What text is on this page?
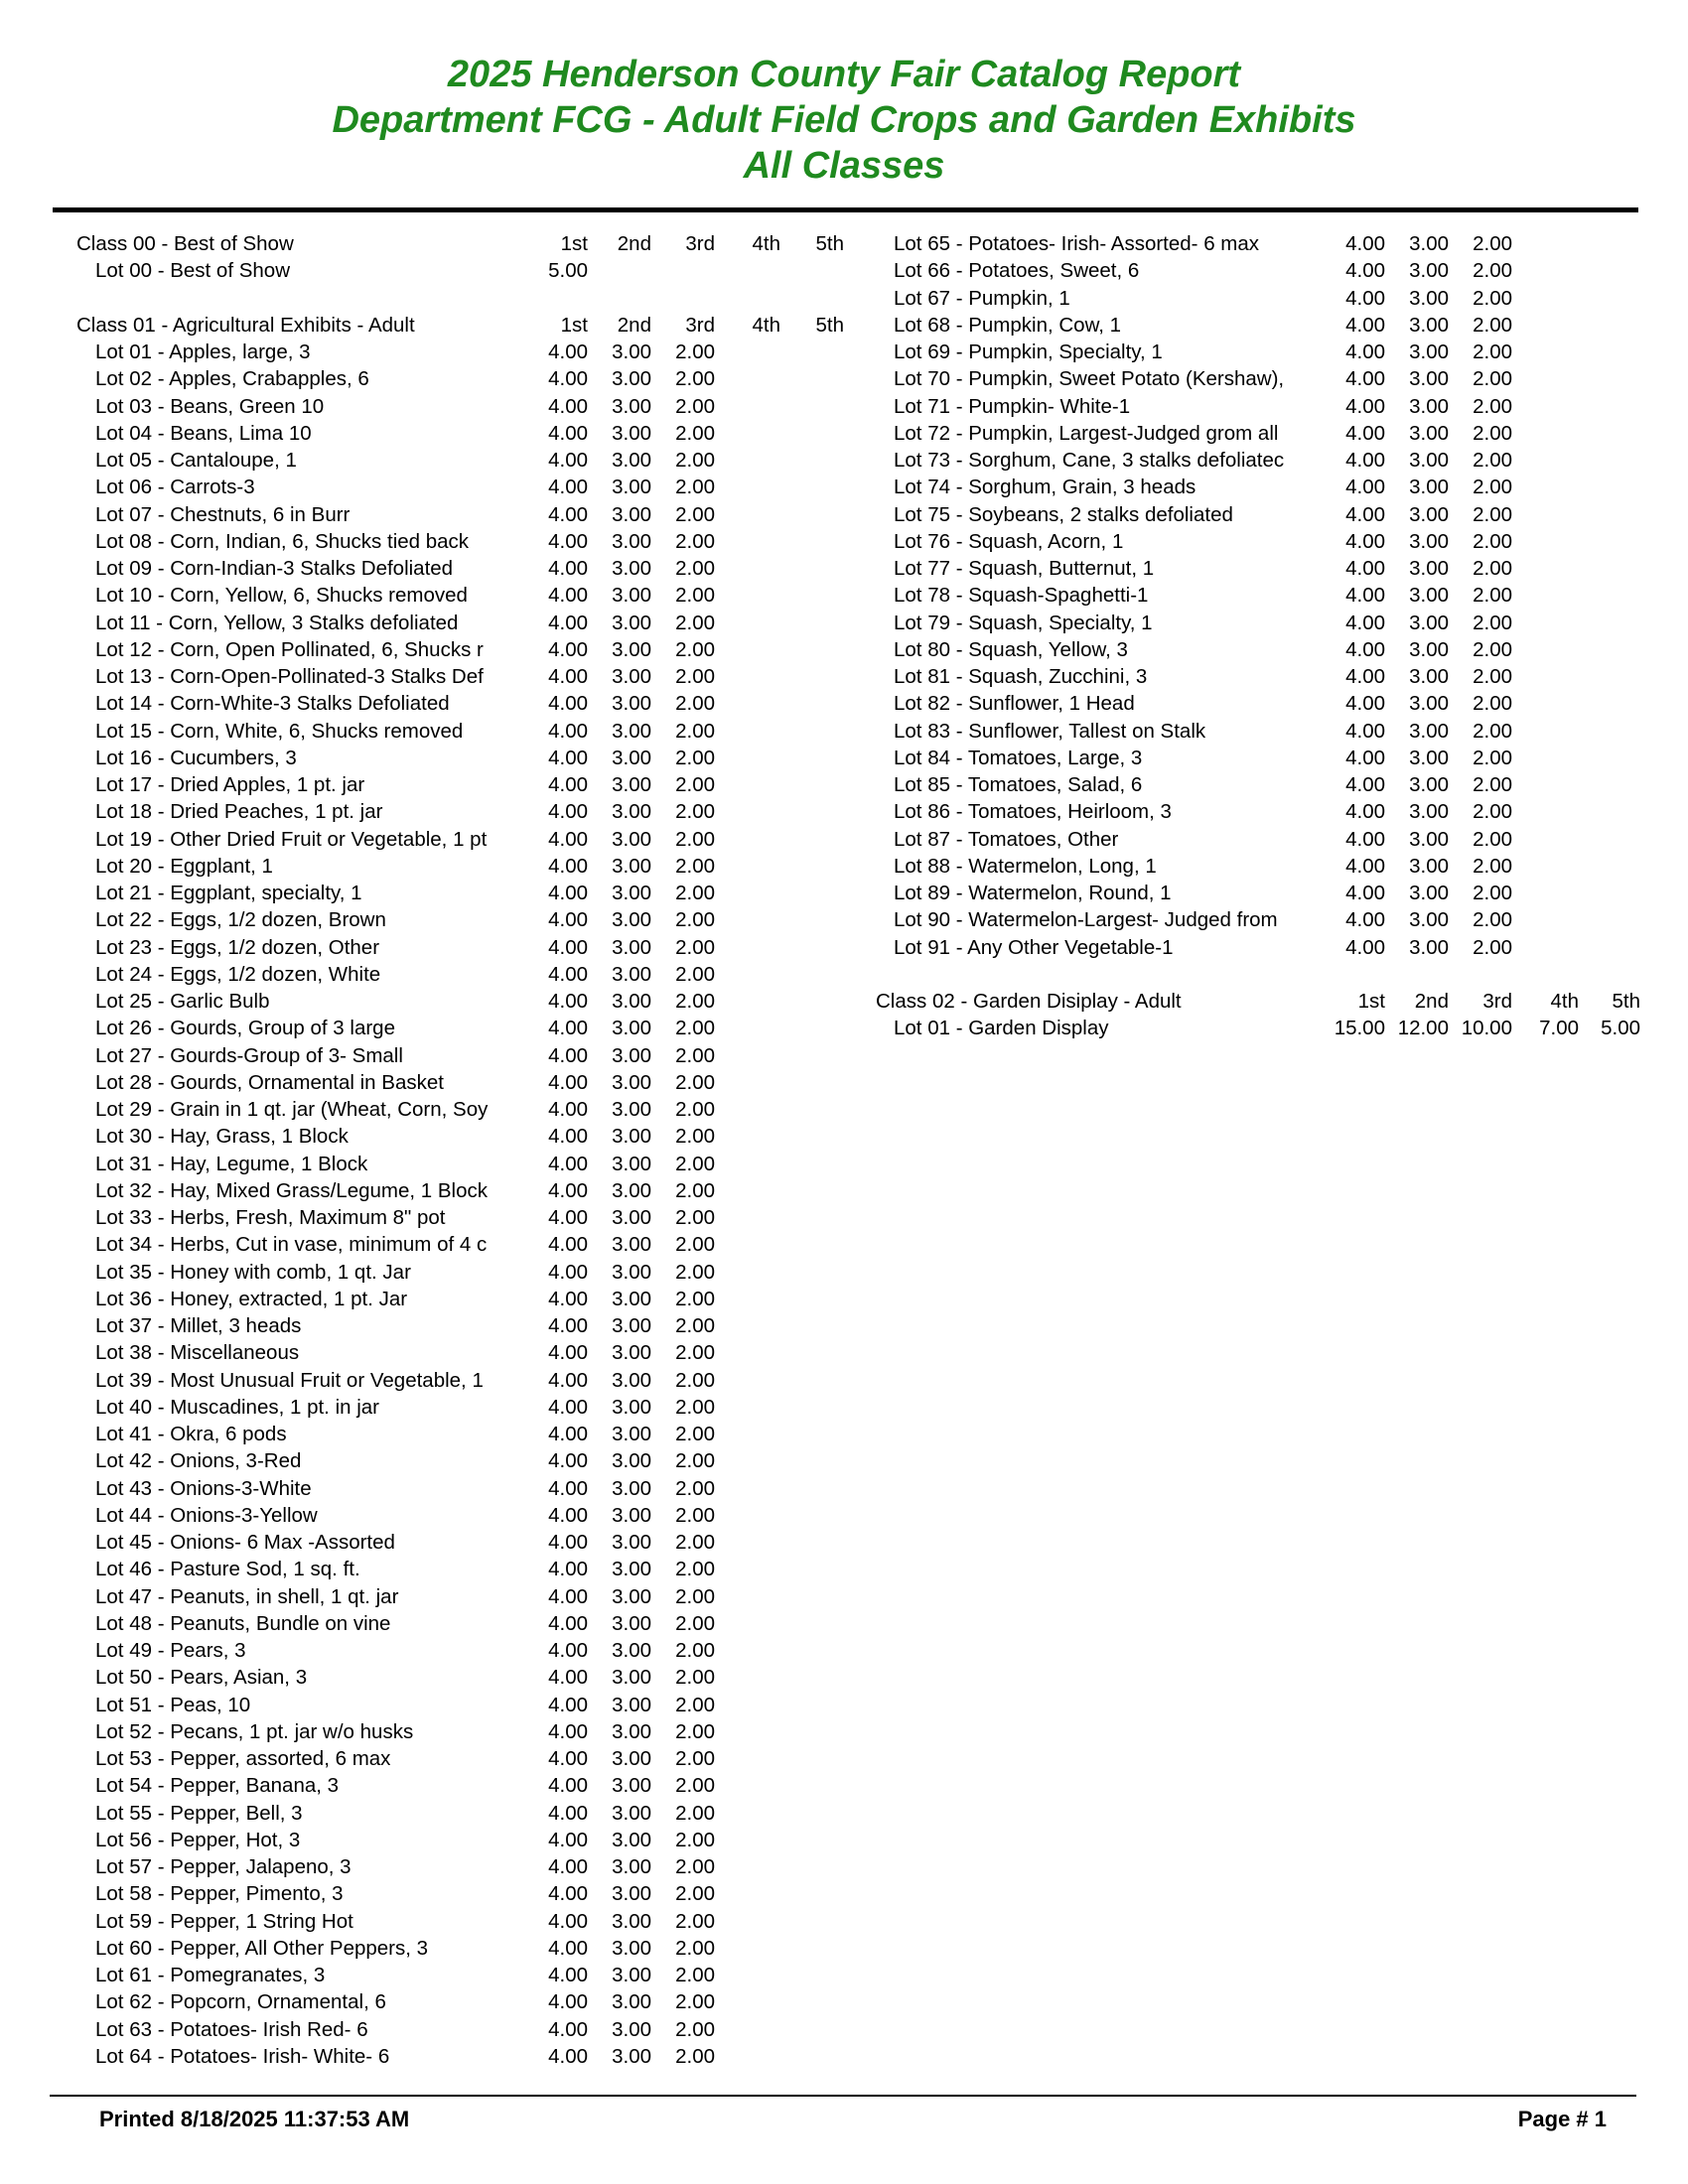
2025 Henderson County Fair Catalog Report
Department FCG - Adult Field Crops and Garden Exhibits
All Classes
Class 00 - Best of Show	1st 2nd 3rd 4th 5th
Lot 00 - Best of Show	5.00
Class 01 - Agricultural Exhibits - Adult	1st 2nd 3rd 4th 5th
Lot 01 - Apples, large, 3	4.00 3.00 2.00
Lot 02 - Apples, Crabapples, 6	4.00 3.00 2.00
Lot 03 - Beans, Green 10	4.00 3.00 2.00
Lot 04 - Beans, Lima 10	4.00 3.00 2.00
Lot 05 - Cantaloupe, 1	4.00 3.00 2.00
Lot 06 - Carrots-3	4.00 3.00 2.00
Lot 07 - Chestnuts, 6 in Burr	4.00 3.00 2.00
Lot 08 - Corn, Indian, 6, Shucks tied back	4.00 3.00 2.00
Lot 09 - Corn-Indian-3 Stalks Defoliated	4.00 3.00 2.00
Lot 10 - Corn, Yellow, 6, Shucks removed	4.00 3.00 2.00
Lot 11 - Corn, Yellow, 3 Stalks defoliated	4.00 3.00 2.00
Lot 12 - Corn, Open Pollinated, 6, Shucks r	4.00 3.00 2.00
Lot 13 - Corn-Open-Pollinated-3 Stalks Def	4.00 3.00 2.00
Lot 14 - Corn-White-3 Stalks Defoliated	4.00 3.00 2.00
Lot 15 - Corn, White, 6, Shucks removed	4.00 3.00 2.00
Lot 16 - Cucumbers, 3	4.00 3.00 2.00
Lot 17 - Dried Apples, 1 pt. jar	4.00 3.00 2.00
Lot 18 - Dried Peaches, 1 pt. jar	4.00 3.00 2.00
Lot 19 - Other Dried Fruit or Vegetable, 1 pt	4.00 3.00 2.00
Lot 20 - Eggplant, 1	4.00 3.00 2.00
Lot 21 - Eggplant, specialty, 1	4.00 3.00 2.00
Lot 22 - Eggs, 1/2 dozen, Brown	4.00 3.00 2.00
Lot 23 - Eggs, 1/2 dozen, Other	4.00 3.00 2.00
Lot 24 - Eggs, 1/2 dozen, White	4.00 3.00 2.00
Lot 25 - Garlic Bulb	4.00 3.00 2.00
Lot 26 - Gourds, Group of 3 large	4.00 3.00 2.00
Lot 27 - Gourds-Group of 3- Small	4.00 3.00 2.00
Lot 28 - Gourds, Ornamental in Basket	4.00 3.00 2.00
Lot 29 - Grain in 1 qt. jar (Wheat, Corn, Soy	4.00 3.00 2.00
Lot 30 - Hay, Grass, 1 Block	4.00 3.00 2.00
Lot 31 - Hay, Legume, 1 Block	4.00 3.00 2.00
Lot 32 - Hay, Mixed Grass/Legume, 1 Block	4.00 3.00 2.00
Lot 33 - Herbs, Fresh, Maximum 8" pot	4.00 3.00 2.00
Lot 34 - Herbs, Cut in vase, minimum of 4 c	4.00 3.00 2.00
Lot 35 - Honey with comb, 1 qt. Jar	4.00 3.00 2.00
Lot 36 - Honey, extracted, 1 pt. Jar	4.00 3.00 2.00
Lot 37 - Millet, 3 heads	4.00 3.00 2.00
Lot 38 - Miscellaneous	4.00 3.00 2.00
Lot 39 - Most Unusual Fruit or Vegetable, 1	4.00 3.00 2.00
Lot 40 - Muscadines, 1 pt. in jar	4.00 3.00 2.00
Lot 41 - Okra, 6 pods	4.00 3.00 2.00
Lot 42 - Onions, 3-Red	4.00 3.00 2.00
Lot 43 - Onions-3-White	4.00 3.00 2.00
Lot 44 - Onions-3-Yellow	4.00 3.00 2.00
Lot 45 - Onions- 6 Max -Assorted	4.00 3.00 2.00
Lot 46 - Pasture Sod, 1 sq. ft.	4.00 3.00 2.00
Lot 47 - Peanuts, in shell, 1 qt. jar	4.00 3.00 2.00
Lot 48 - Peanuts, Bundle on vine	4.00 3.00 2.00
Lot 49 - Pears, 3	4.00 3.00 2.00
Lot 50 - Pears, Asian, 3	4.00 3.00 2.00
Lot 51 - Peas, 10	4.00 3.00 2.00
Lot 52 - Pecans, 1 pt. jar w/o husks	4.00 3.00 2.00
Lot 53 - Pepper, assorted, 6 max	4.00 3.00 2.00
Lot 54 - Pepper, Banana, 3	4.00 3.00 2.00
Lot 55 - Pepper, Bell, 3	4.00 3.00 2.00
Lot 56 - Pepper, Hot, 3	4.00 3.00 2.00
Lot 57 - Pepper, Jalapeno, 3	4.00 3.00 2.00
Lot 58 - Pepper, Pimento, 3	4.00 3.00 2.00
Lot 59 - Pepper, 1 String Hot	4.00 3.00 2.00
Lot 60 - Pepper, All Other Peppers, 3	4.00 3.00 2.00
Lot 61 - Pomegranates, 3	4.00 3.00 2.00
Lot 62 - Popcorn, Ornamental, 6	4.00 3.00 2.00
Lot 63 - Potatoes- Irish Red- 6	4.00 3.00 2.00
Lot 64 - Potatoes- Irish- White- 6	4.00 3.00 2.00
Lot 65 - Potatoes- Irish- Assorted- 6 max	4.00 3.00 2.00
Lot 66 - Potatoes, Sweet, 6	4.00 3.00 2.00
Lot 67 - Pumpkin, 1	4.00 3.00 2.00
Lot 68 - Pumpkin, Cow, 1	4.00 3.00 2.00
Lot 69 - Pumpkin, Specialty, 1	4.00 3.00 2.00
Lot 70 - Pumpkin, Sweet Potato (Kershaw),	4.00 3.00 2.00
Lot 71 - Pumpkin- White-1	4.00 3.00 2.00
Lot 72 - Pumpkin, Largest-Judged grom all	4.00 3.00 2.00
Lot 73 - Sorghum, Cane, 3 stalks defoliatec	4.00 3.00 2.00
Lot 74 - Sorghum, Grain, 3 heads	4.00 3.00 2.00
Lot 75 - Soybeans, 2 stalks defoliated	4.00 3.00 2.00
Lot 76 - Squash, Acorn, 1	4.00 3.00 2.00
Lot 77 - Squash, Butternut, 1	4.00 3.00 2.00
Lot 78 - Squash-Spaghetti-1	4.00 3.00 2.00
Lot 79 - Squash, Specialty, 1	4.00 3.00 2.00
Lot 80 - Squash, Yellow, 3	4.00 3.00 2.00
Lot 81 - Squash, Zucchini, 3	4.00 3.00 2.00
Lot 82 - Sunflower, 1 Head	4.00 3.00 2.00
Lot 83 - Sunflower, Tallest on Stalk	4.00 3.00 2.00
Lot 84 - Tomatoes, Large, 3	4.00 3.00 2.00
Lot 85 - Tomatoes, Salad, 6	4.00 3.00 2.00
Lot 86 - Tomatoes, Heirloom, 3	4.00 3.00 2.00
Lot 87 - Tomatoes, Other	4.00 3.00 2.00
Lot 88 - Watermelon, Long, 1	4.00 3.00 2.00
Lot 89 - Watermelon, Round, 1	4.00 3.00 2.00
Lot 90 - Watermelon-Largest- Judged from	4.00 3.00 2.00
Lot 91 - Any Other Vegetable-1	4.00 3.00 2.00
Class 02 - Garden Disiplay - Adult	1st 2nd 3rd 4th 5th
Lot 01 - Garden Display	15.00 12.00 10.00 7.00 5.00
Printed 8/18/2025 11:37:53 AM	Page # 1
